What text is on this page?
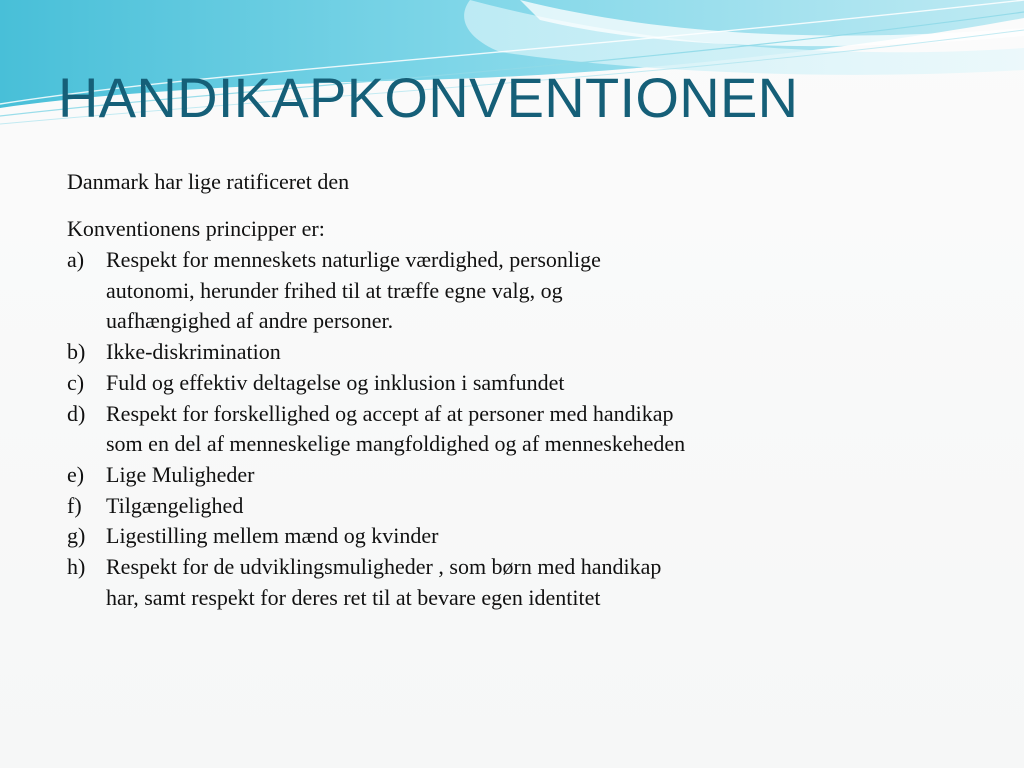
HANDIKAPKONVENTIONEN
Danmark har lige ratificeret den
Konventionens principper er:
a) Respekt for menneskets naturlige værdighed, personlige
autonomi, herunder frihed til at træffe egne valg, og
uafhængighed af andre personer.
b) Ikke-diskrimination
c) Fuld og effektiv deltagelse og inklusion i samfundet
d) Respekt for forskellighed og accept af at personer med handikap
som en del af menneskelige mangfoldighed og af menneskeheden
e) Lige Muligheder
f)	Tilgængelighed
g) Ligestilling mellem mænd og kvinder
h) Respekt for de udviklingsmuligheder , som børn med handikap
har, samt respekt for deres ret til at bevare egen identitet
